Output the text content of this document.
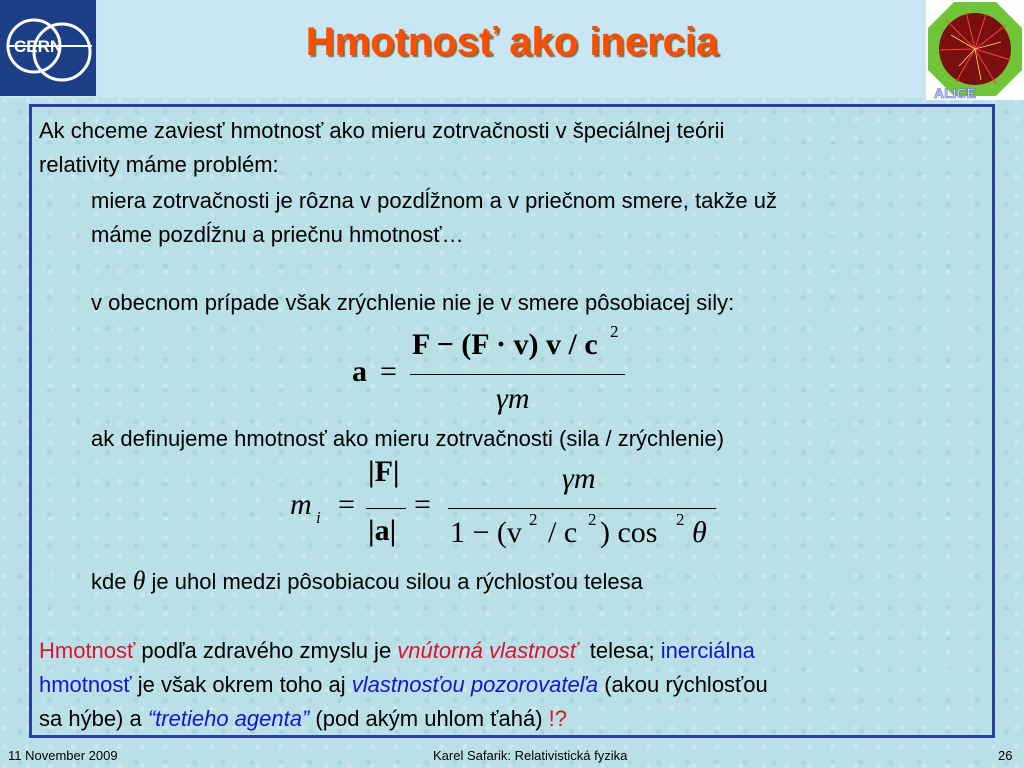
CERN	Hmotnosť ako inercia
ALICE

Ak chceme zaviesť hmotnosť ako mieru zotrvačnosti v špeciálnej teórii

relativity máme problém:

miera zotrvačnosti je rôzna v pozdĺžnom a v priečnom smere, takže už

máme pozdĺžnu a priečnu hmotnosť…

v obecnom prípade však zrýchlenie nie je v smere pôsobiacej sily:

a =
F − (F · v) v / c 2
γm

ak definujeme hmotnosť ako mieru zotrvačnosti (sila / zrýchlenie)

m i =
|F|
|a|
=
γm
1 − (v 2 / c 2 ) cos 2 θ

kde θ je uhol medzi pôsobiacou silou a rýchlosťou telesa

Hmotnosť podľa zdravého zmyslu je vnútorná vlastnosť  telesa; inerciálna

hmotnosť je však okrem toho aj vlastnosťou pozorovateľa (akou rýchlosťou

sa hýbe) a “tretieho agenta” (pod akým uhlom ťahá) !?

11 November 2009	Karel Safarik: Relativistická fyzika	26
